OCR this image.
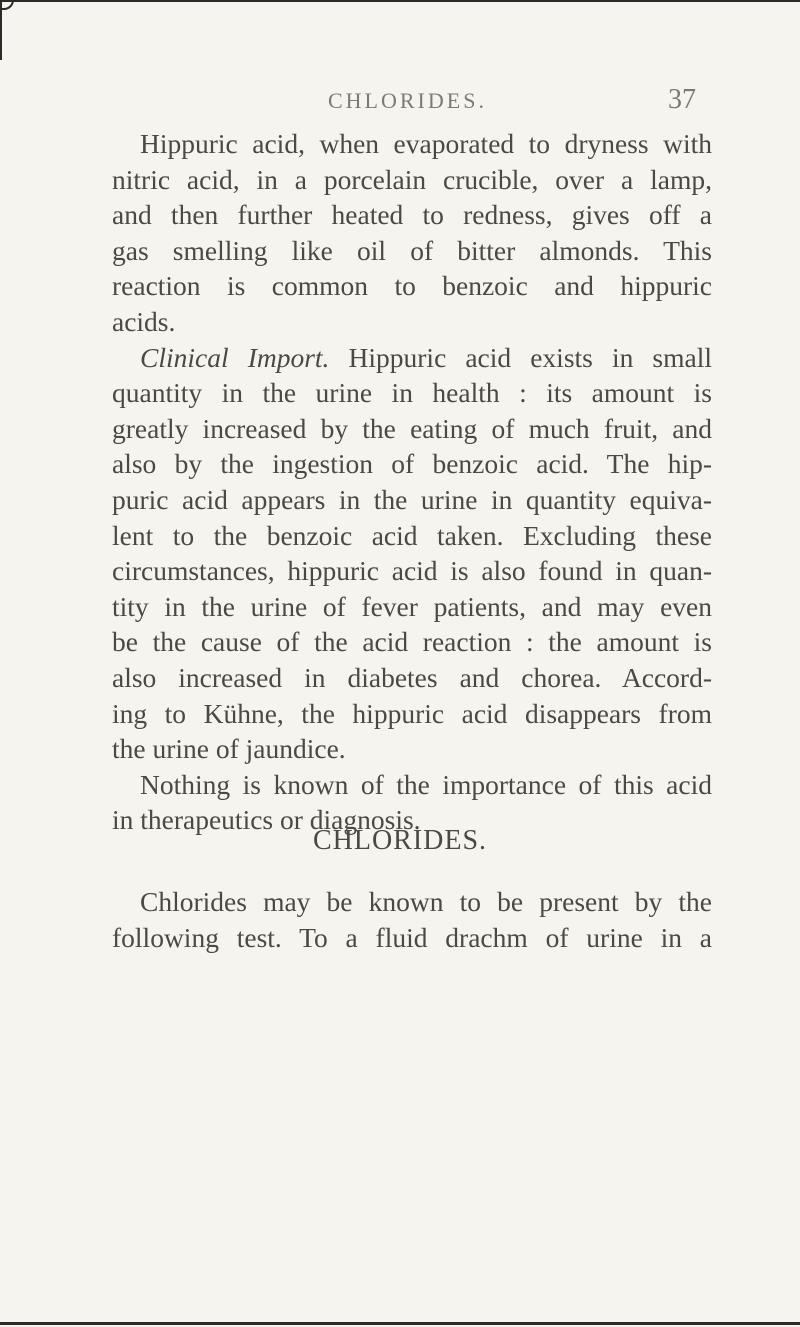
CHLORIDES.	37
Hippuric acid, when evaporated to dryness with
nitric acid, in a porcelain crucible, over a lamp,
and then further heated to redness, gives off a
gas smelling like oil of bitter almonds. This
reaction is common to benzoic and hippuric
acids.
Clinical Import. Hippuric acid exists in small
quantity in the urine in health : its amount is
greatly increased by the eating of much fruit, and
also by the ingestion of benzoic acid. The hip-
puric acid appears in the urine in quantity equiva-
lent to the benzoic acid taken. Excluding these
circumstances, hippuric acid is also found in quan-
tity in the urine of fever patients, and may even
be the cause of the acid reaction : the amount is
also increased in diabetes and chorea. Accord-
ing to Kühne, the hippuric acid disappears from
the urine of jaundice.
Nothing is known of the importance of this acid
in therapeutics or diagnosis.
CHLORIDES.
Chlorides may be known to be present by the
following test. To a fluid drachm of urine in a
